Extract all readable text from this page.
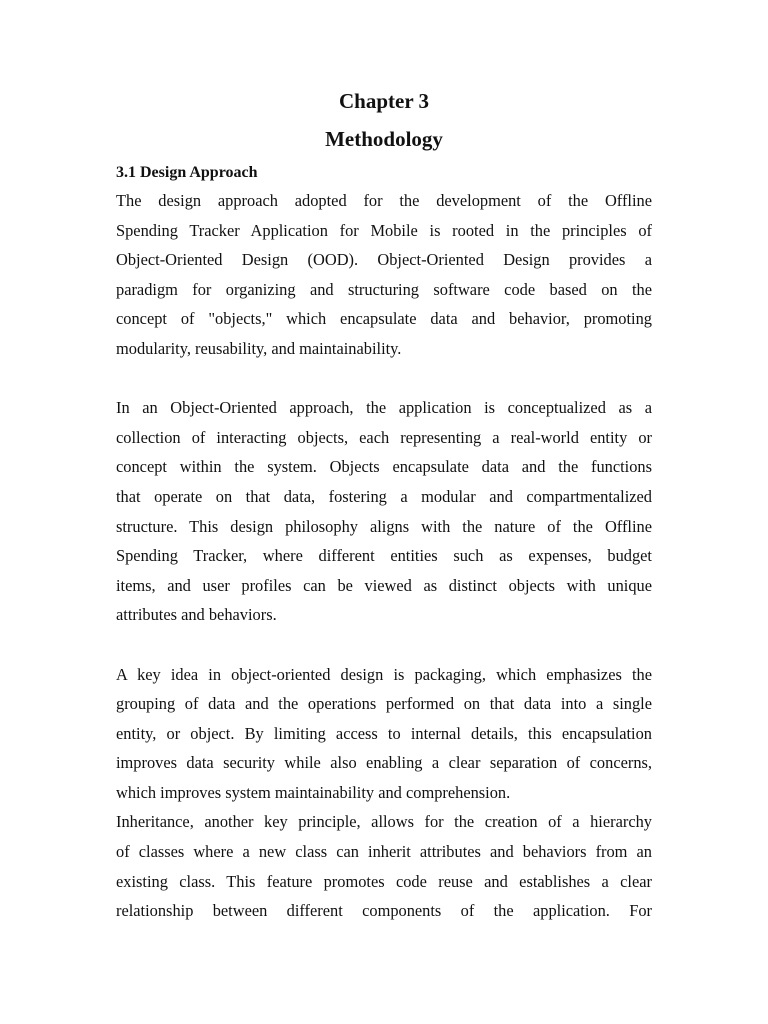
Chapter 3
Methodology
3.1 Design Approach
The design approach adopted for the development of the Offline
Spending Tracker Application for Mobile is rooted in the principles of
Object-Oriented Design (OOD). Object-Oriented Design provides a
paradigm for organizing and structuring software code based on the
concept of "objects," which encapsulate data and behavior, promoting
modularity, reusability, and maintainability.
In an Object-Oriented approach, the application is conceptualized as a
collection of interacting objects, each representing a real-world entity or
concept within the system. Objects encapsulate data and the functions
that operate on that data, fostering a modular and compartmentalized
structure. This design philosophy aligns with the nature of the Offline
Spending Tracker, where different entities such as expenses, budget
items, and user profiles can be viewed as distinct objects with unique
attributes and behaviors.
A key idea in object-oriented design is packaging, which emphasizes the
grouping of data and the operations performed on that data into a single
entity, or object. By limiting access to internal details, this encapsulation
improves data security while also enabling a clear separation of concerns,
which improves system maintainability and comprehension.
Inheritance, another key principle, allows for the creation of a hierarchy
of classes where a new class can inherit attributes and behaviors from an
existing class. This feature promotes code reuse and establishes a clear
relationship between different components of the application. For
